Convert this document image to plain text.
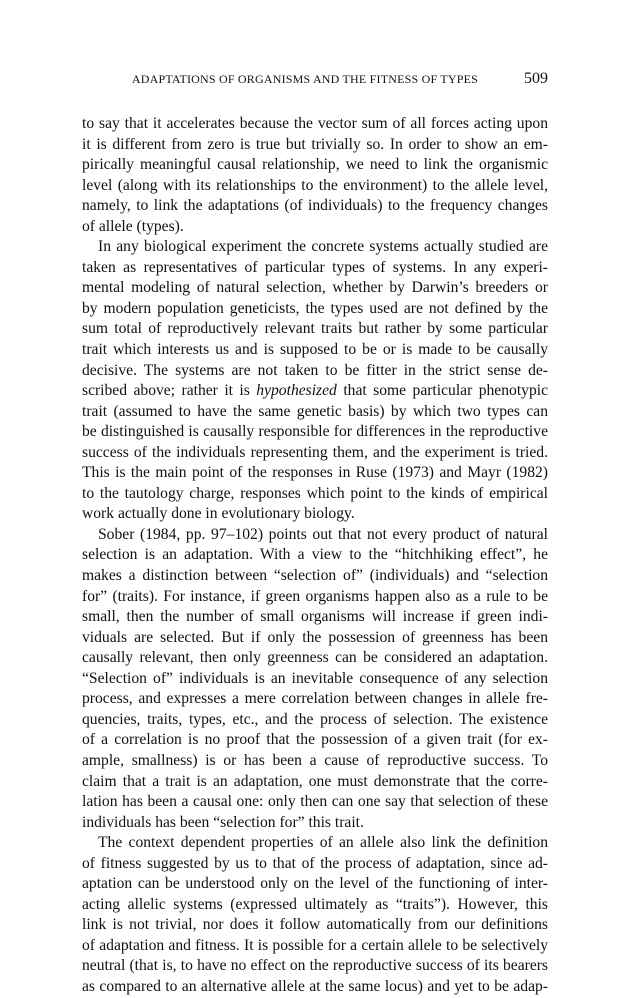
ADAPTATIONS OF ORGANISMS AND THE FITNESS OF TYPES	509
to say that it accelerates because the vector sum of all forces acting upon
it is different from zero is true but trivially so. In order to show an em-
pirically meaningful causal relationship, we need to link the organismic
level (along with its relationships to the environment) to the allele level,
namely, to link the adaptations (of individuals) to the frequency changes
of allele (types).
In any biological experiment the concrete systems actually studied are
taken as representatives of particular types of systems. In any experi-
mental modeling of natural selection, whether by Darwin’s breeders or
by modern population geneticists, the types used are not defined by the
sum total of reproductively relevant traits but rather by some particular
trait which interests us and is supposed to be or is made to be causally
decisive. The systems are not taken to be fitter in the strict sense de-
scribed above; rather it is hypothesized that some particular phenotypic
trait (assumed to have the same genetic basis) by which two types can
be distinguished is causally responsible for differences in the reproductive
success of the individuals representing them, and the experiment is tried.
This is the main point of the responses in Ruse (1973) and Mayr (1982)
to the tautology charge, responses which point to the kinds of empirical
work actually done in evolutionary biology.
Sober (1984, pp. 97–102) points out that not every product of natural
selection is an adaptation. With a view to the “hitchhiking effect”, he
makes a distinction between “selection of” (individuals) and “selection
for” (traits). For instance, if green organisms happen also as a rule to be
small, then the number of small organisms will increase if green indi-
viduals are selected. But if only the possession of greenness has been
causally relevant, then only greenness can be considered an adaptation.
“Selection of” individuals is an inevitable consequence of any selection
process, and expresses a mere correlation between changes in allele fre-
quencies, traits, types, etc., and the process of selection. The existence
of a correlation is no proof that the possession of a given trait (for ex-
ample, smallness) is or has been a cause of reproductive success. To
claim that a trait is an adaptation, one must demonstrate that the corre-
lation has been a causal one: only then can one say that selection of these
individuals has been “selection for” this trait.
The context dependent properties of an allele also link the definition
of fitness suggested by us to that of the process of adaptation, since ad-
aptation can be understood only on the level of the functioning of inter-
acting allelic systems (expressed ultimately as “traits”). However, this
link is not trivial, nor does it follow automatically from our definitions
of adaptation and fitness. It is possible for a certain allele to be selectively
neutral (that is, to have no effect on the reproductive success of its bearers
as compared to an alternative allele at the same locus) and yet to be adap-
